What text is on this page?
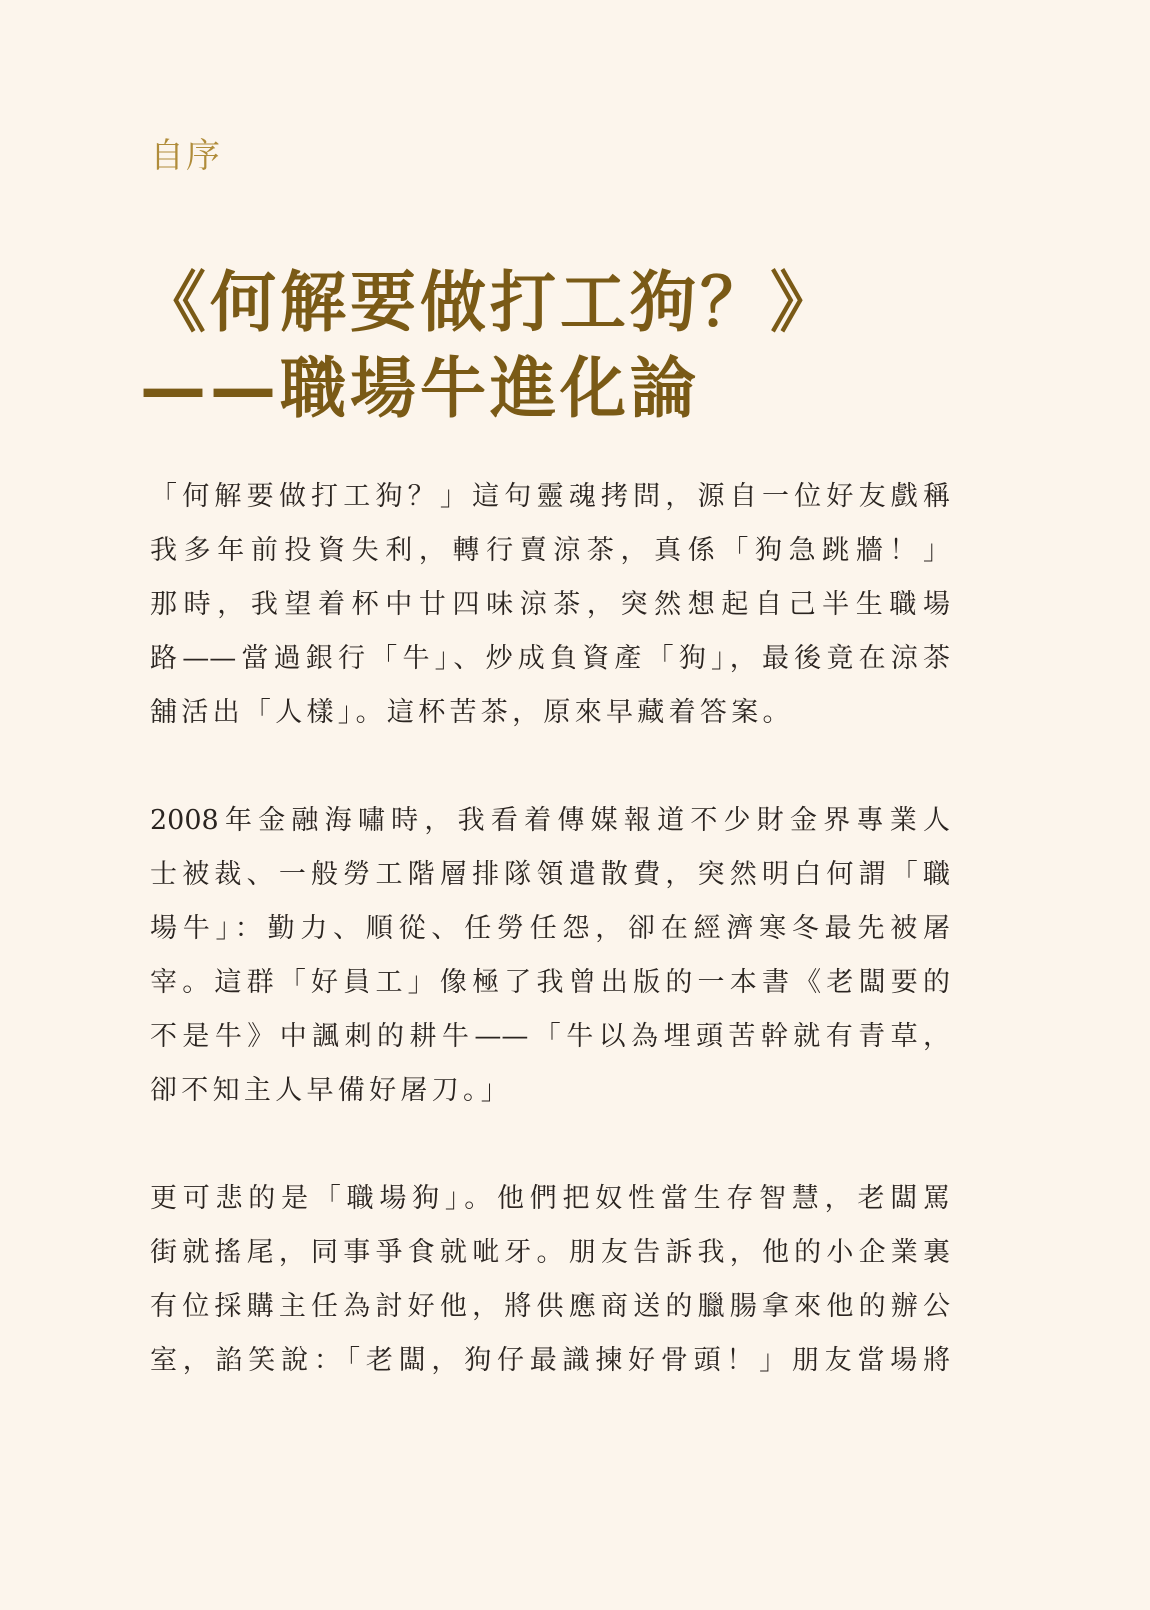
自序
《何解要做打工狗？》
——職場牛進化論
「何解要做打工狗？」這句靈魂拷問，源自一位好友戲稱
我多年前投資失利，轉行賣涼茶，真係「狗急跳牆！」
那時，我望着杯中廿四味涼茶，突然想起自己半生職場
路——當過銀行「牛」、炒成負資產「狗」，最後竟在涼茶
舖活出「人樣」。這杯苦茶，原來早藏着答案。
2008年金融海嘯時，我看着傳媒報道不少財金界專業人
士被裁、一般勞工階層排隊領遣散費，突然明白何謂「職
場牛」：勤力、順從、任勞任怨，卻在經濟寒冬最先被屠
宰。這群「好員工」像極了我曾出版的一本書《老闆要的
不是牛》中諷刺的耕牛——「牛以為埋頭苦幹就有青草，
卻不知主人早備好屠刀。」
更可悲的是「職場狗」。他們把奴性當生存智慧，老闆罵
街就搖尾，同事爭食就呲牙。朋友告訴我，他的小企業裏
有位採購主任為討好他，將供應商送的臘腸拿來他的辦公
室，諂笑說：「老闆，狗仔最識揀好骨頭！」朋友當場將
